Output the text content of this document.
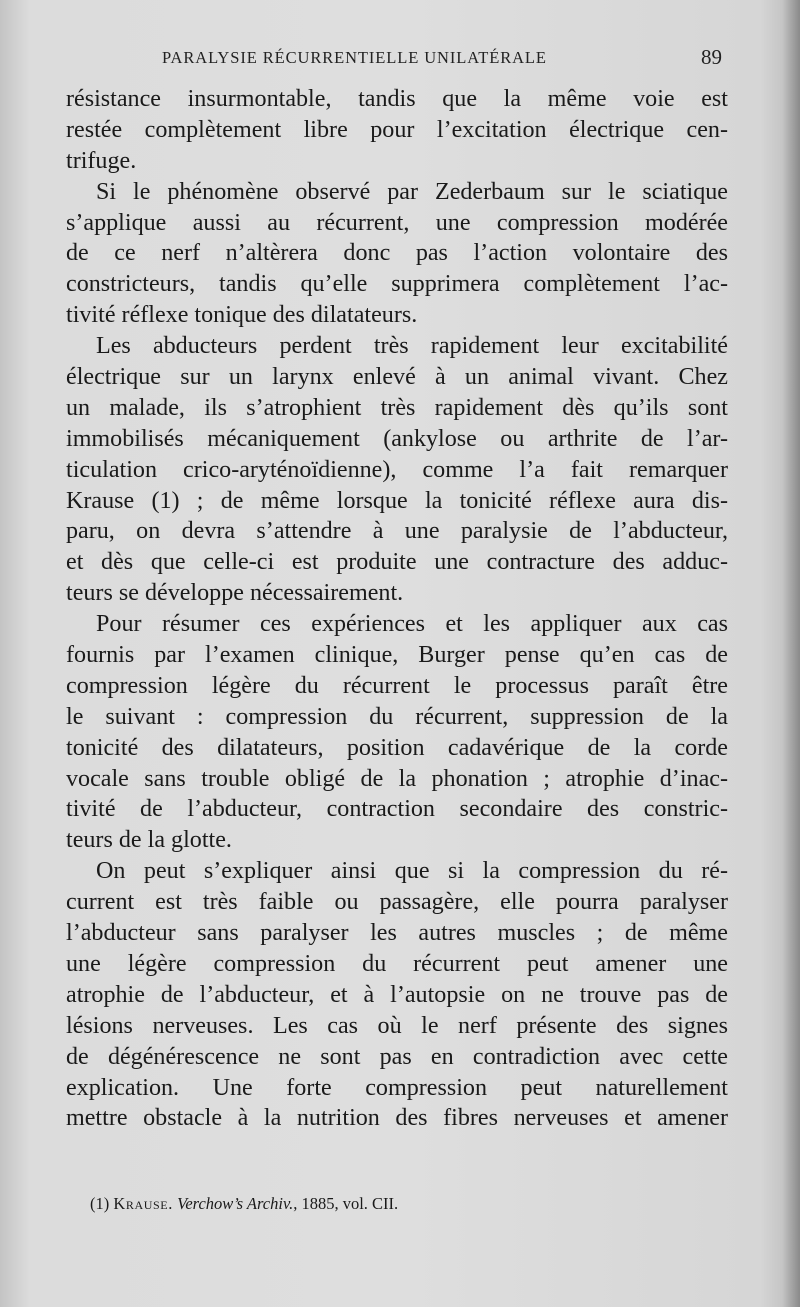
PARALYSIE RÉCURRENTIELLE UNILATÉRALE	89
résistance insurmontable, tandis que la même voie est
restée complètement libre pour l’excitation électrique cen-
trifuge.
Si le phénomène observé par Zederbaum sur le sciatique
s’applique aussi au récurrent, une compression modérée
de ce nerf n’altèrera donc pas l’action volontaire des
constricteurs, tandis qu’elle supprimera complètement l’ac-
tivité réflexe tonique des dilatateurs.
Les abducteurs perdent très rapidement leur excitabilité
électrique sur un larynx enlevé à un animal vivant. Chez
un malade, ils s’atrophient très rapidement dès qu’ils sont
immobilisés mécaniquement (ankylose ou arthrite de l’ar-
ticulation crico-aryténoïdienne), comme l’a fait remarquer
Krause (1) ; de même lorsque la tonicité réflexe aura dis-
paru, on devra s’attendre à une paralysie de l’abducteur,
et dès que celle-ci est produite une contracture des adduc-
teurs se développe nécessairement.
Pour résumer ces expériences et les appliquer aux cas
fournis par l’examen clinique, Burger pense qu’en cas de
compression légère du récurrent le processus paraît être
le suivant : compression du récurrent, suppression de la
tonicité des dilatateurs, position cadavérique de la corde
vocale sans trouble obligé de la phonation ; atrophie d’inac-
tivité de l’abducteur, contraction secondaire des constric-
teurs de la glotte.
On peut s’expliquer ainsi que si la compression du ré-
current est très faible ou passagère, elle pourra paralyser
l’abducteur sans paralyser les autres muscles ; de même
une légère compression du récurrent peut amener une
atrophie de l’abducteur, et à l’autopsie on ne trouve pas de
lésions nerveuses. Les cas où le nerf présente des signes
de dégénérescence ne sont pas en contradiction avec cette
explication. Une forte compression peut naturellement
mettre obstacle à la nutrition des fibres nerveuses et amener
(1) Krause. Verchow’s Archiv., 1885, vol. CII.
